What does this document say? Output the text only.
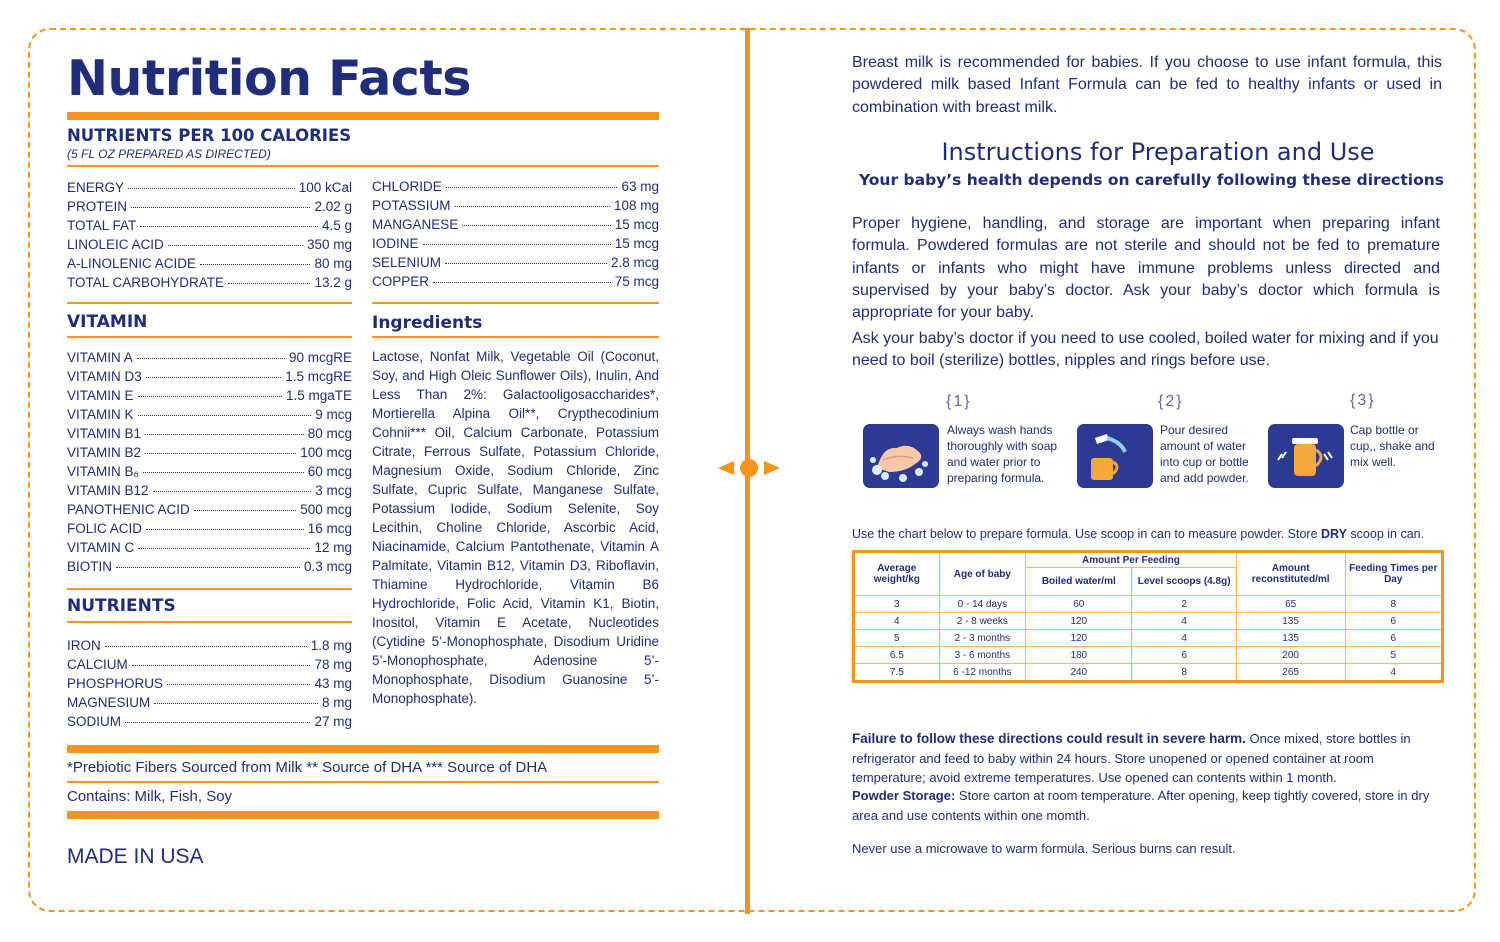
Nutrition Facts
NUTRIENTS PER 100 CALORIES
(5 FL OZ PREPARED AS DIRECTED)
ENERGY	100 kCal
PROTEIN	2.02 g
TOTAL FAT	4.5 g
LINOLEIC ACID	350 mg
A-LINOLENIC ACIDE	80 mg
TOTAL CARBOHYDRATE	13.2 g
CHLORIDE	63 mg
POTASSIUM	108 mg
MANGANESE	15 mcg
IODINE	15 mcg
SELENIUM	2.8 mcg
COPPER	75 mcg
VITAMIN
VITAMIN A	90 mcgRE
VITAMIN D3	1.5 mcgRE
VITAMIN E	1.5 mgaTE
VITAMIN K	9 mcg
VITAMIN B1	80 mcg
VITAMIN B2	100 mcg
VITAMIN B₆	60 mcg
VITAMIN B12	3 mcg
PANOTHENIC ACID	500 mcg
FOLIC ACID	16 mcg
VITAMIN C	12 mg
BIOTIN	0.3 mcg
NUTRIENTS
IRON	1.8 mg
CALCIUM	78 mg
PHOSPHORUS	43 mg
MAGNESIUM	8 mg
SODIUM	27 mg
Ingredients

Lactose, Nonfat Milk, Vegetable Oil (Coconut, Soy, and High Oleic Sunflower Oils), Inulin, And Less Than 2%: Galactooligosaccharides*, Mortierella Alpina Oil**, Crypthecodinium Cohnii*** Oil, Calcium Carbonate, Potassium Citrate, Ferrous Sulfate, Potassium Chloride, Magnesium Oxide, Sodium Chloride, Zinc Sulfate, Cupric Sulfate, Manganese Sulfate, Potassium Iodide, Sodium Selenite, Soy Lecithin, Choline Chloride, Ascorbic Acid, Niacinamide, Calcium Pantothenate, Vitamin A Palmitate, Vitamin B12, Vitamin D3, Riboflavin, Thiamine Hydrochloride, Vitamin B6 Hydrochloride, Folic Acid, Vitamin K1, Biotin, Inositol, Vitamin E Acetate, Nucleotides (Cytidine 5’-Monophosphate, Disodium Uridine 5’-Monophosphate, Adenosine 5’-Monophosphate, Disodium Guanosine 5’-Monophosphate).

*Prebiotic Fibers Sourced from Milk ** Source of DHA *** Source of DHA

Contains: Milk, Fish, Soy

MADE IN USA

Breast milk is recommended for babies. If you choose to use infant formula, this powdered milk based Infant Formula can be fed to healthy infants or used in combination with breast milk.

Instructions for Preparation and Use
Your baby’s health depends on carefully following these directions

Proper hygiene, handling, and storage are important when preparing infant formula. Powdered formulas are not sterile and should not be fed to premature infants or infants who might have immune problems unless directed and supervised by your baby’s doctor. Ask your baby’s doctor which formula is appropriate for your baby.

Ask your baby’s doctor if you need to use cooled, boiled water for mixing and if you need to boil (sterilize) bottles, nipples and rings before use.

{1}

Always wash hands thoroughly with soap and water prior to preparing formula.

{2}

Pour desired amount of water into cup or bottle and add powder.

{3}

Cap bottle or cup,, shake and mix well.

Use the chart below to prepare formula. Use scoop in can to measure powder. Store DRY scoop in can.

Average weight/kg	Age of baby	Amount Per Feeding		Amount reconstituted/ml	Feeding Times per Day
		Boiled water/ml	Level scoops (4.8g)		
3	0 - 14 days	60	2	65	8
4	2 - 8 weeks	120	4	135	6
5	2 - 3 months	120	4	135	6
6.5	3 - 6 months	180	6	200	5
7.5	6 -12 months	240	8	265	4

Failure to follow these directions could result in severe harm. Once mixed, store bottles in refrigerator and feed to baby within 24 hours. Store unopened or opened container at room temperature; avoid extreme temperatures. Use opened can contents within 1 month.

Powder Storage: Store carton at room temperature. After opening, keep tightly covered, store in dry area and use contents within one momth.

Never use a microwave to warm formula. Serious burns can result.
